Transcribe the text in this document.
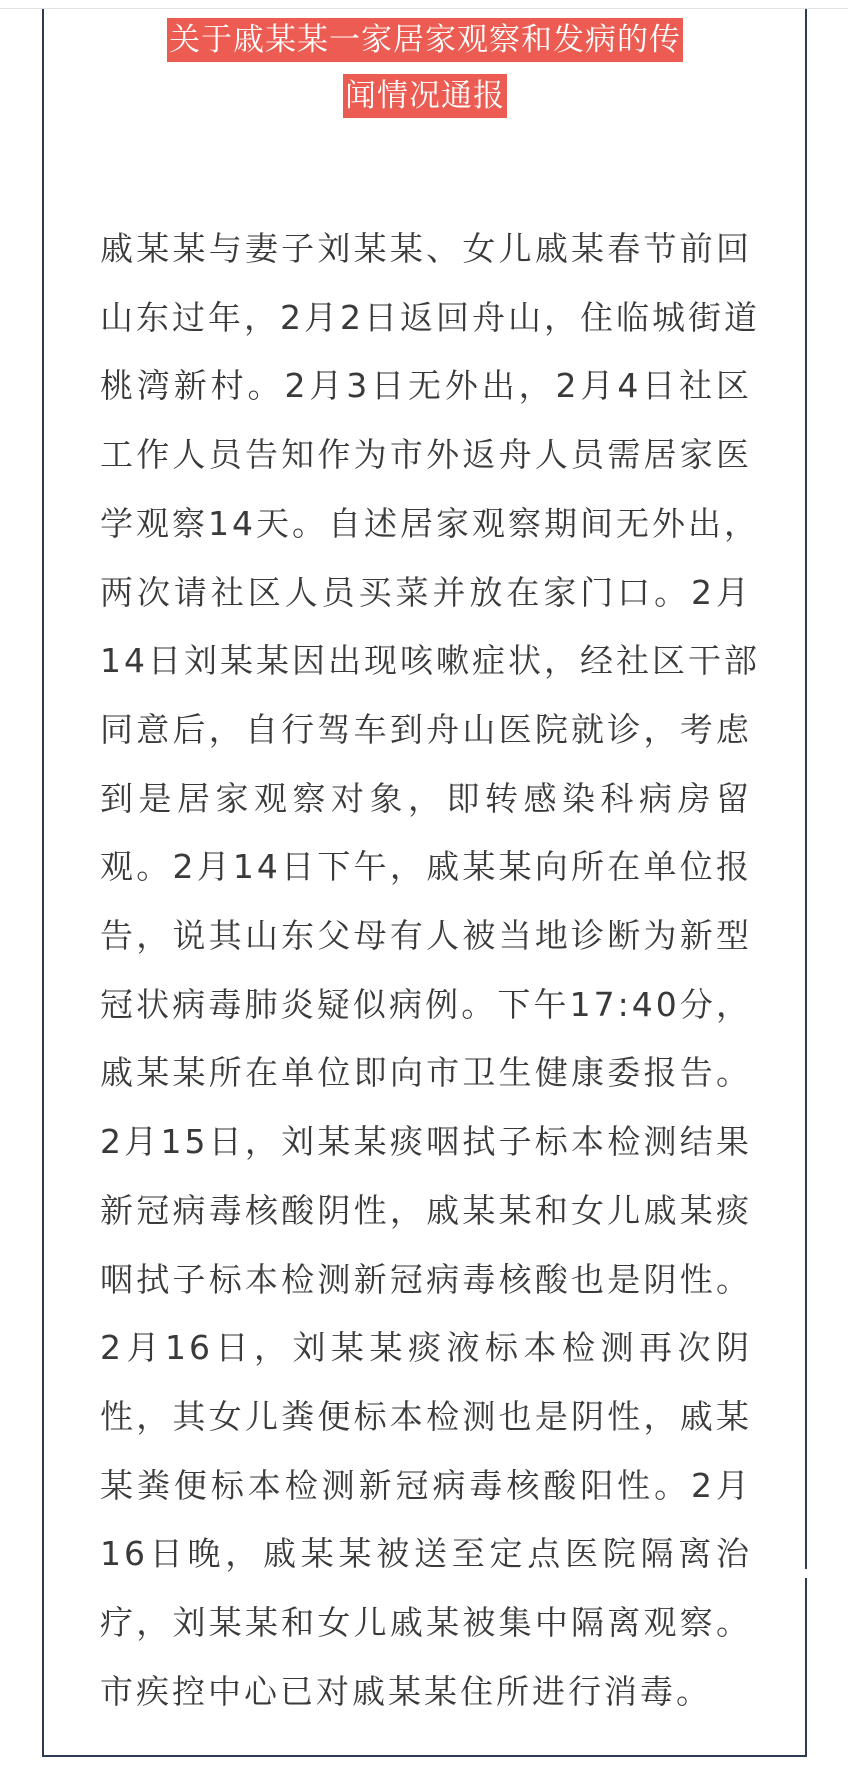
关于戚某某一家居家观察和发病的传
闻情况通报
戚某某与妻子刘某某、女儿戚某春节前回
山东过年，2月2日返回舟山，住临城街道
桃湾新村。2月3日无外出，2月4日社区
工作人员告知作为市外返舟人员需居家医
学观察14天。自述居家观察期间无外出，
两次请社区人员买菜并放在家门口。2月
14日刘某某因出现咳嗽症状，经社区干部
同意后，自行驾车到舟山医院就诊，考虑
到是居家观察对象，即转感染科病房留
观。2月14日下午，戚某某向所在单位报
告，说其山东父母有人被当地诊断为新型
冠状病毒肺炎疑似病例。下午17:40分，
戚某某所在单位即向市卫生健康委报告。
2月15日，刘某某痰咽拭子标本检测结果
新冠病毒核酸阴性，戚某某和女儿戚某痰
咽拭子标本检测新冠病毒核酸也是阴性。
2月16日，刘某某痰液标本检测再次阴
性，其女儿粪便标本检测也是阴性，戚某
某粪便标本检测新冠病毒核酸阳性。2月
16日晚，戚某某被送至定点医院隔离治
疗，刘某某和女儿戚某被集中隔离观察。
市疾控中心已对戚某某住所进行消毒。
